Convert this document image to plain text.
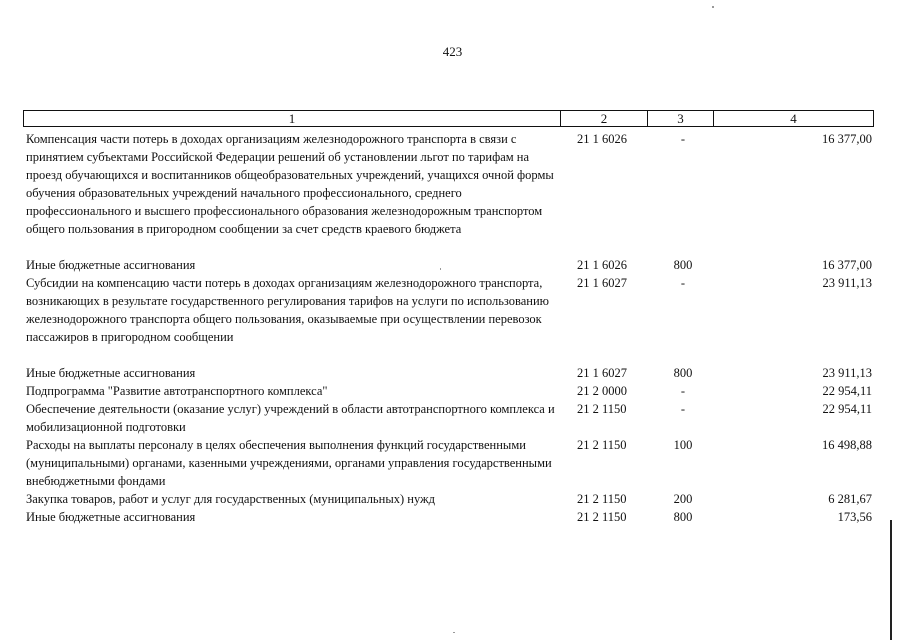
423
1	2	3	4
Компенсация части потерь в доходах организациям железнодорожного транспорта в связи с принятием субъектами Российской Федерации решений об установлении льгот по тарифам на проезд обучающихся и воспитанников общеобразовательных учреждений, учащихся очной формы обучения образовательных учреждений начального профессионального, среднего профессионального и высшего профессионального образования железнодорожным транспортом общего пользования в пригородном сообщении за счет средств краевого бюджета
21 1 6026	-	16 377,00
Иные бюджетные ассигнования	21 1 6026	800	16 377,00
Субсидии на компенсацию части потерь в доходах организациям железнодорожного транспорта, возникающих в результате государственного регулирования тарифов на услуги по использованию железнодорожного транспорта общего пользования, оказываемые при осуществлении перевозок пассажиров в пригородном сообщении
21 1 6027	-	23 911,13
Иные бюджетные ассигнования	21 1 6027	800	23 911,13
Подпрограмма "Развитие автотранспортного комплекса"	21 2 0000	-	22 954,11
Обеспечение деятельности (оказание услуг) учреждений в области автотранспортного комплекса и мобилизационной подготовки
21 2 1150	-	22 954,11
Расходы на выплаты персоналу в целях обеспечения выполнения функций государственными (муниципальными) органами, казенными учреждениями, органами управления государственными внебюджетными фондами
21 2 1150	100	16 498,88
Закупка товаров, работ и услуг для государственных (муниципальных) нужд	21 2 1150	200	6 281,67
Иные бюджетные ассигнования	21 2 1150	800	173,56
